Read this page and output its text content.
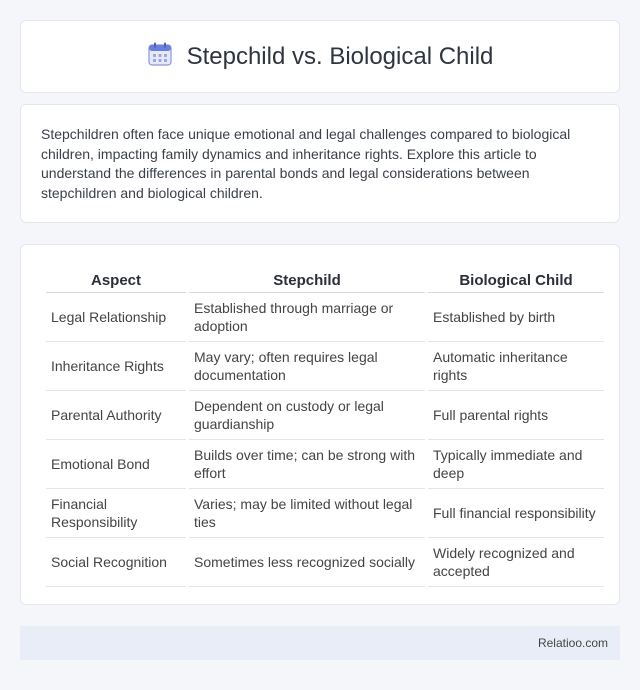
Stepchild vs. Biological Child

Stepchildren often face unique emotional and legal challenges compared to biological children, impacting family dynamics and inheritance rights. Explore this article to understand the differences in parental bonds and legal considerations between stepchildren and biological children.

Aspect	Stepchild	Biological Child
Legal Relationship	Established through marriage or adoption	Established by birth
Inheritance Rights	May vary; often requires legal documentation	Automatic inheritance rights
Parental Authority	Dependent on custody or legal guardianship	Full parental rights
Emotional Bond	Builds over time; can be strong with effort	Typically immediate and deep
Financial Responsibility	Varies; may be limited without legal ties	Full financial responsibility
Social Recognition	Sometimes less recognized socially	Widely recognized and accepted
Relatioo.com
